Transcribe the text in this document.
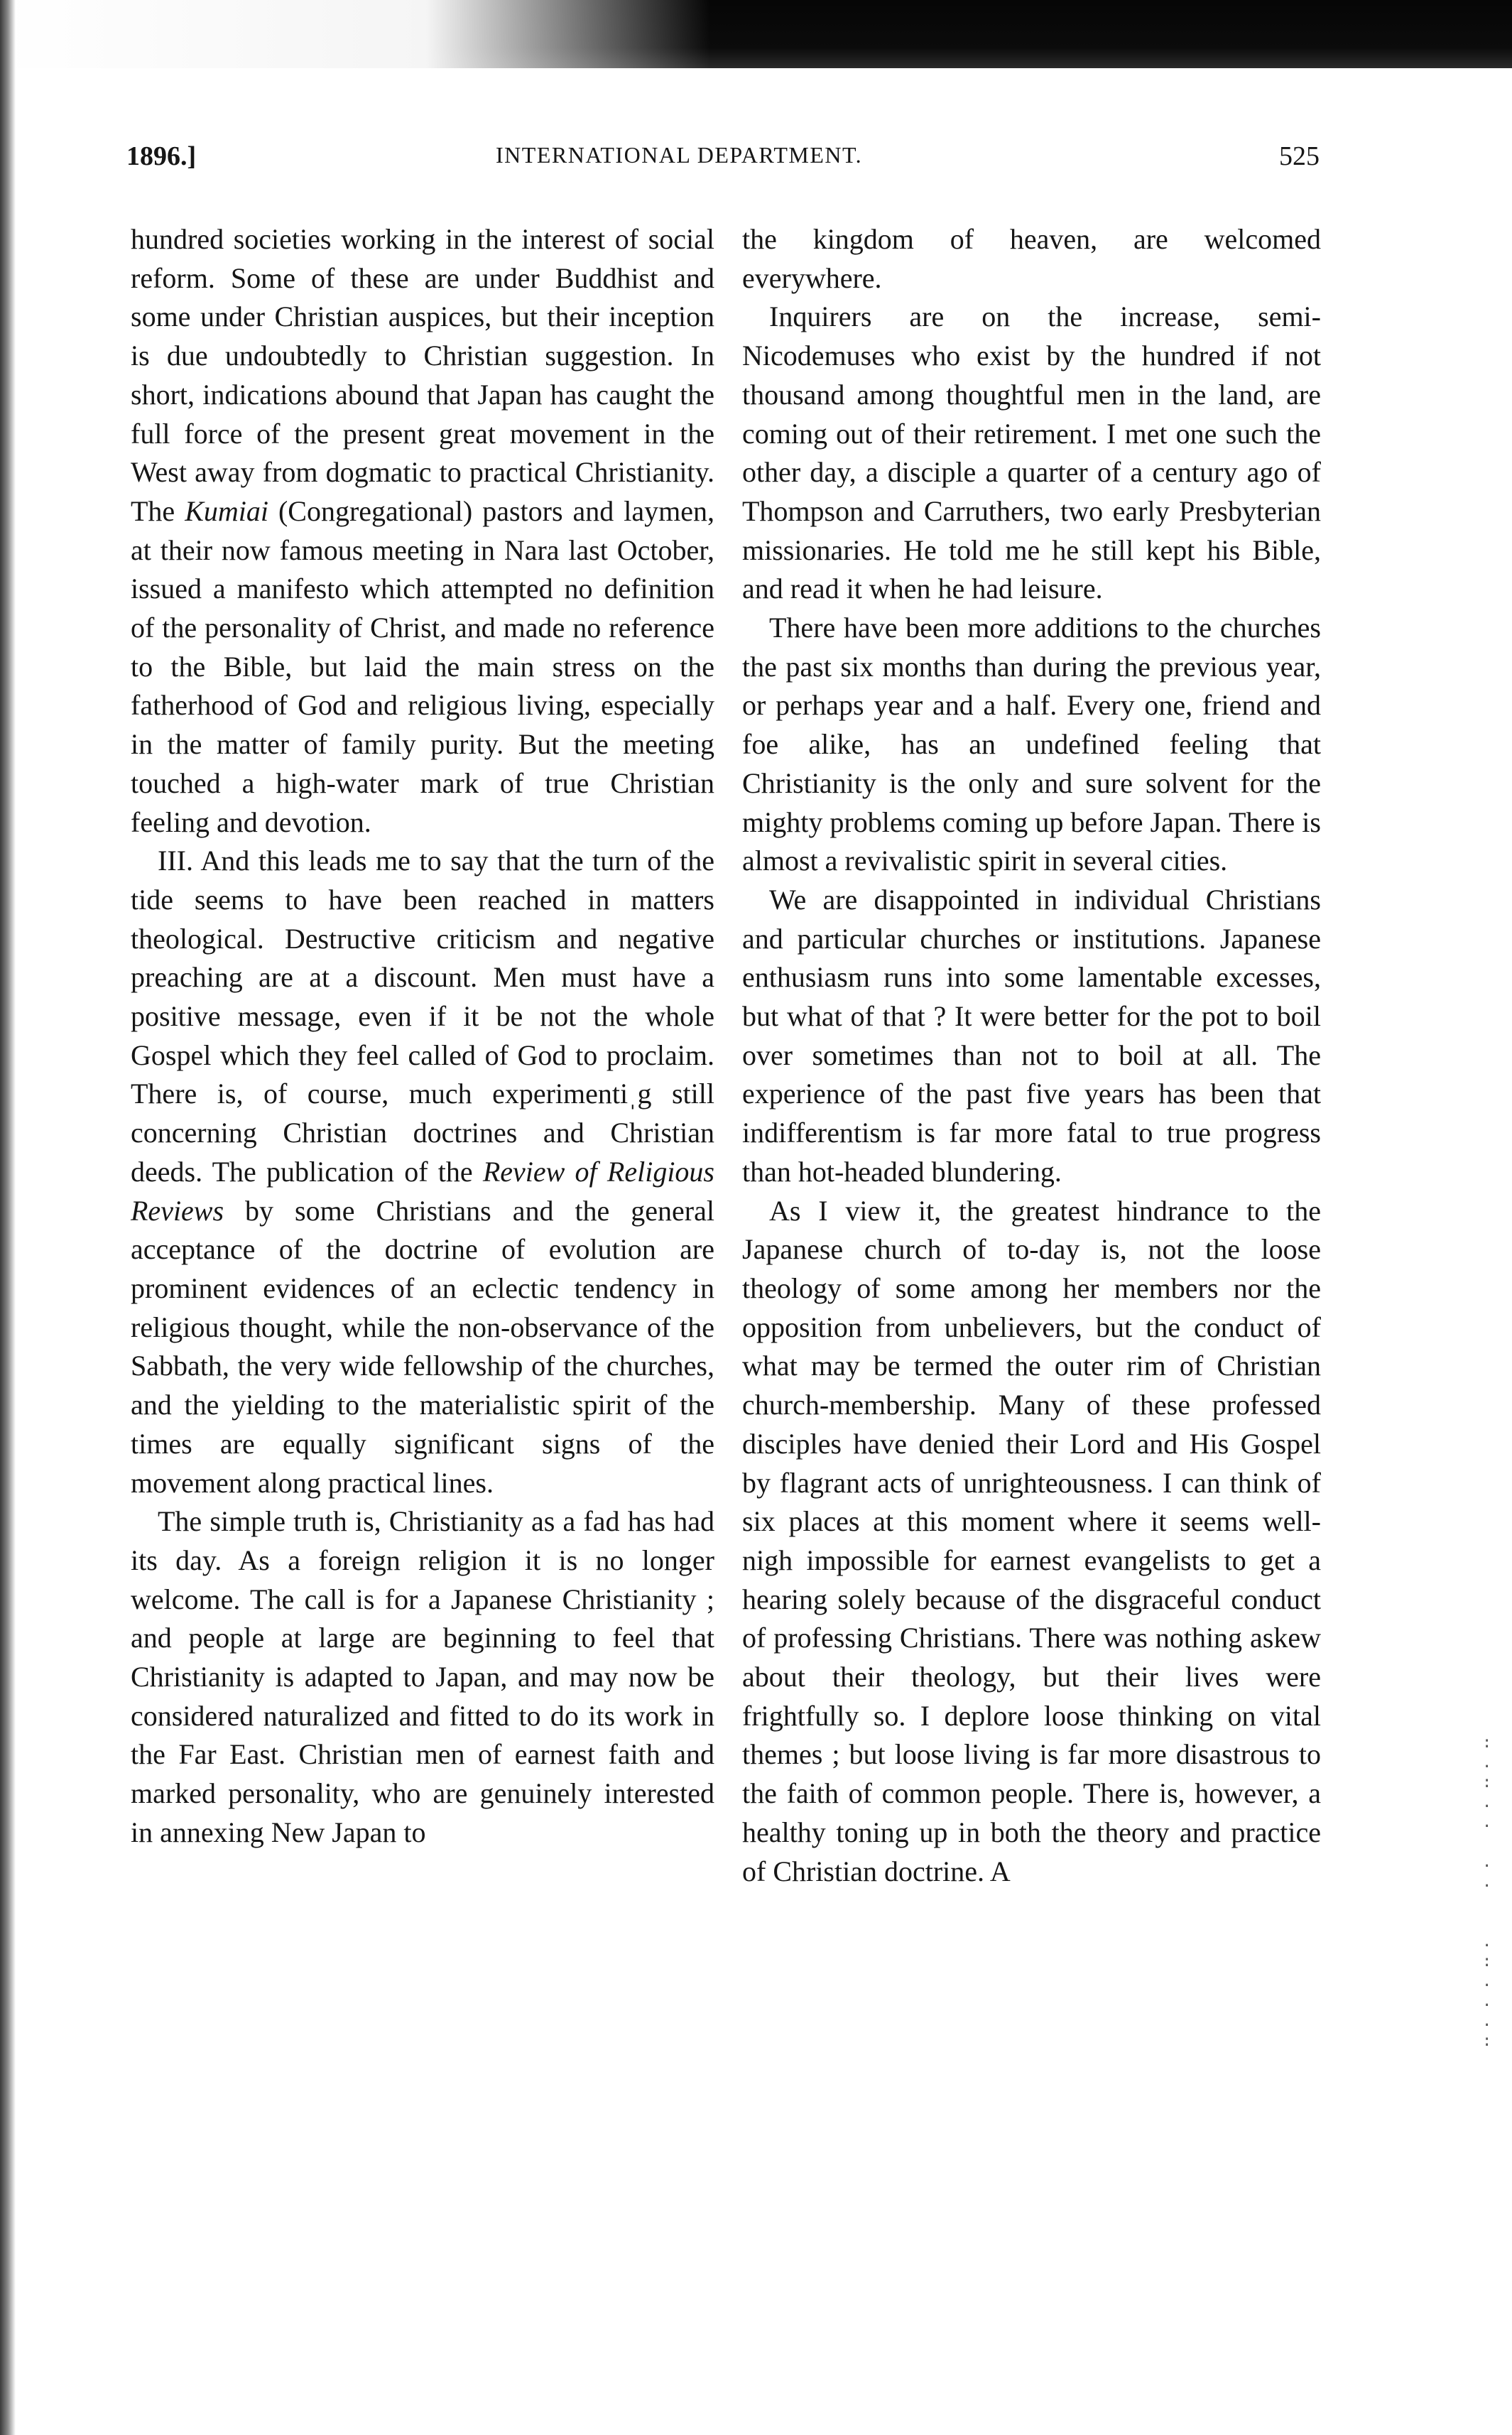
:
.
:
.
.

.
.

.
:
.
.
.
:
1896.]	INTERNATIONAL DEPARTMENT.	525

hundred societies working in the interest of social reform. Some of these are under Buddhist and some under Christian auspices, but their inception is due undoubtedly to Christian suggestion. In short, indications abound that Japan has caught the full force of the present great movement in the West away from dogmatic to practical Christianity. The Kumiai (Congregational) pastors and laymen, at their now famous meeting in Nara last October, issued a manifesto which attempted no definition of the personality of Christ, and made no reference to the Bible, but laid the main stress on the fatherhood of God and religious living, especially in the matter of family purity. But the meeting touched a high-water mark of true Christian feeling and devotion.

III. And this leads me to say that the turn of the tide seems to have been reached in matters theological. Destructive criticism and negative preaching are at a discount. Men must have a positive message, even if it be not the whole Gospel which they feel called of God to proclaim. There is, of course, much experimentiˌg still concerning Christian doctrines and Christian deeds. The publication of the Review of Religious Reviews by some Christians and the general acceptance of the doctrine of evolution are prominent evidences of an eclectic tendency in religious thought, while the non-observance of the Sabbath, the very wide fellowship of the churches, and the yielding to the materialistic spirit of the times are equally significant signs of the movement along practical lines.

The simple truth is, Christianity as a fad has had its day. As a foreign religion it is no longer welcome. The call is for a Japanese Christianity ; and people at large are beginning to feel that Christianity is adapted to Japan, and may now be considered naturalized and fitted to do its work in the Far East. Christian men of earnest faith and marked personality, who are genuinely interested in annexing New Japan to

the kingdom of heaven, are welcomed everywhere.

Inquirers are on the increase, semi-Nicodemuses who exist by the hundred if not thousand among thoughtful men in the land, are coming out of their retirement. I met one such the other day, a disciple a quarter of a century ago of Thompson and Carruthers, two early Presbyterian missionaries. He told me he still kept his Bible, and read it when he had leisure.

There have been more additions to the churches the past six months than during the previous year, or perhaps year and a half. Every one, friend and foe alike, has an undefined feeling that Christianity is the only and sure solvent for the mighty problems coming up before Japan. There is almost a revivalistic spirit in several cities.

We are disappointed in individual Christians and particular churches or institutions. Japanese enthusiasm runs into some lamentable excesses, but what of that ? It were better for the pot to boil over sometimes than not to boil at all. The experience of the past five years has been that indifferentism is far more fatal to true progress than hot-headed blundering.

As I view it, the greatest hindrance to the Japanese church of to-day is, not the loose theology of some among her members nor the opposition from unbelievers, but the conduct of what may be termed the outer rim of Christian church-membership. Many of these professed disciples have denied their Lord and His Gospel by flagrant acts of unrighteousness. I can think of six places at this moment where it seems well-nigh impossible for earnest evangelists to get a hearing solely because of the disgraceful conduct of professing Christians. There was nothing askew about their theology, but their lives were frightfully so. I deplore loose thinking on vital themes ; but loose living is far more disastrous to the faith of common people. There is, however, a healthy toning up in both the theory and practice of Christian doctrine. A
